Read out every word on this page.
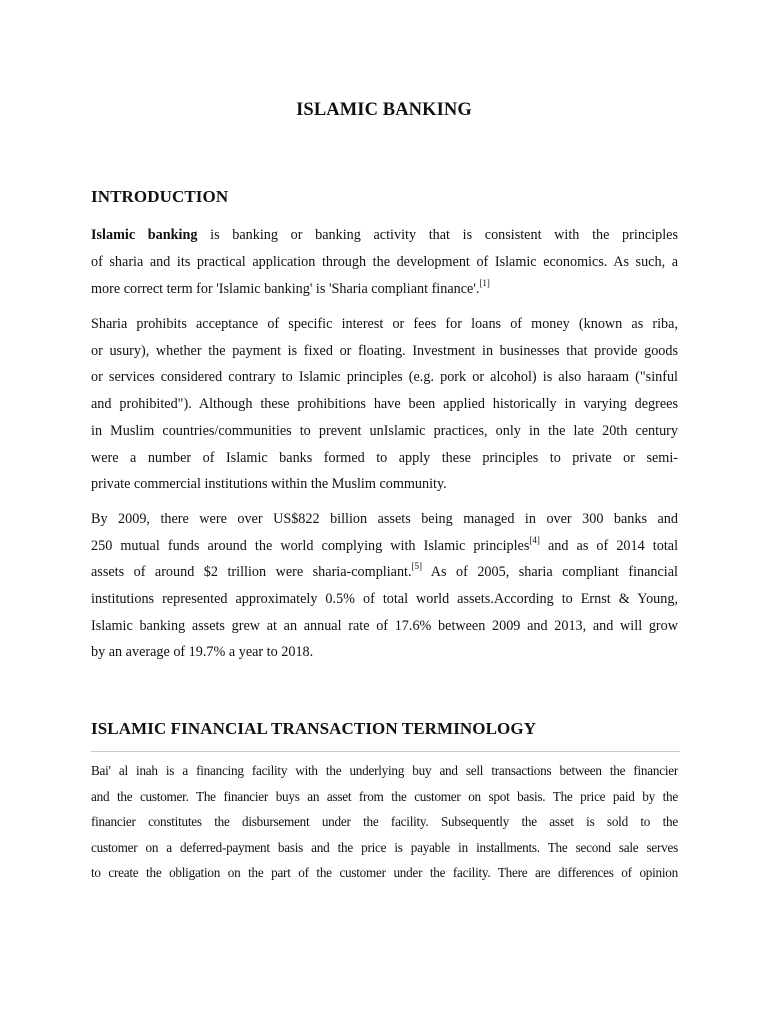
ISLAMIC BANKING
INTRODUCTION
Islamic banking is banking or banking activity that is consistent with the principles
of sharia and its practical application through the development of Islamic economics. As such, a
more correct term for 'Islamic banking' is 'Sharia compliant finance'.[1]
Sharia prohibits acceptance of specific interest or fees for loans of money (known as riba,
or usury), whether the payment is fixed or floating. Investment in businesses that provide goods
or services considered contrary to Islamic principles (e.g. pork or alcohol) is also haraam ("sinful
and prohibited"). Although these prohibitions have been applied historically in varying degrees
in Muslim countries/communities to prevent unIslamic practices, only in the late 20th century
were a number of Islamic banks formed to apply these principles to private or semi-
private commercial institutions within the Muslim community.
By 2009, there were over US$822 billion assets being managed in over 300 banks and
250 mutual funds around the world complying with Islamic principles[4] and as of 2014 total
assets of around $2 trillion were sharia-compliant.[5] As of 2005, sharia compliant financial
institutions represented approximately 0.5% of total world assets.According to Ernst & Young,
Islamic banking assets grew at an annual rate of 17.6% between 2009 and 2013, and will grow
by an average of 19.7% a year to 2018.
ISLAMIC FINANCIAL TRANSACTION TERMINOLOGY
Bai' al inah is a financing facility with the underlying buy and sell transactions between the financier
and the customer. The financier buys an asset from the customer on spot basis. The price paid by the
financier constitutes the disbursement under the facility. Subsequently the asset is sold to the
customer on a deferred-payment basis and the price is payable in installments. The second sale serves
to create the obligation on the part of the customer under the facility. There are differences of opinion
